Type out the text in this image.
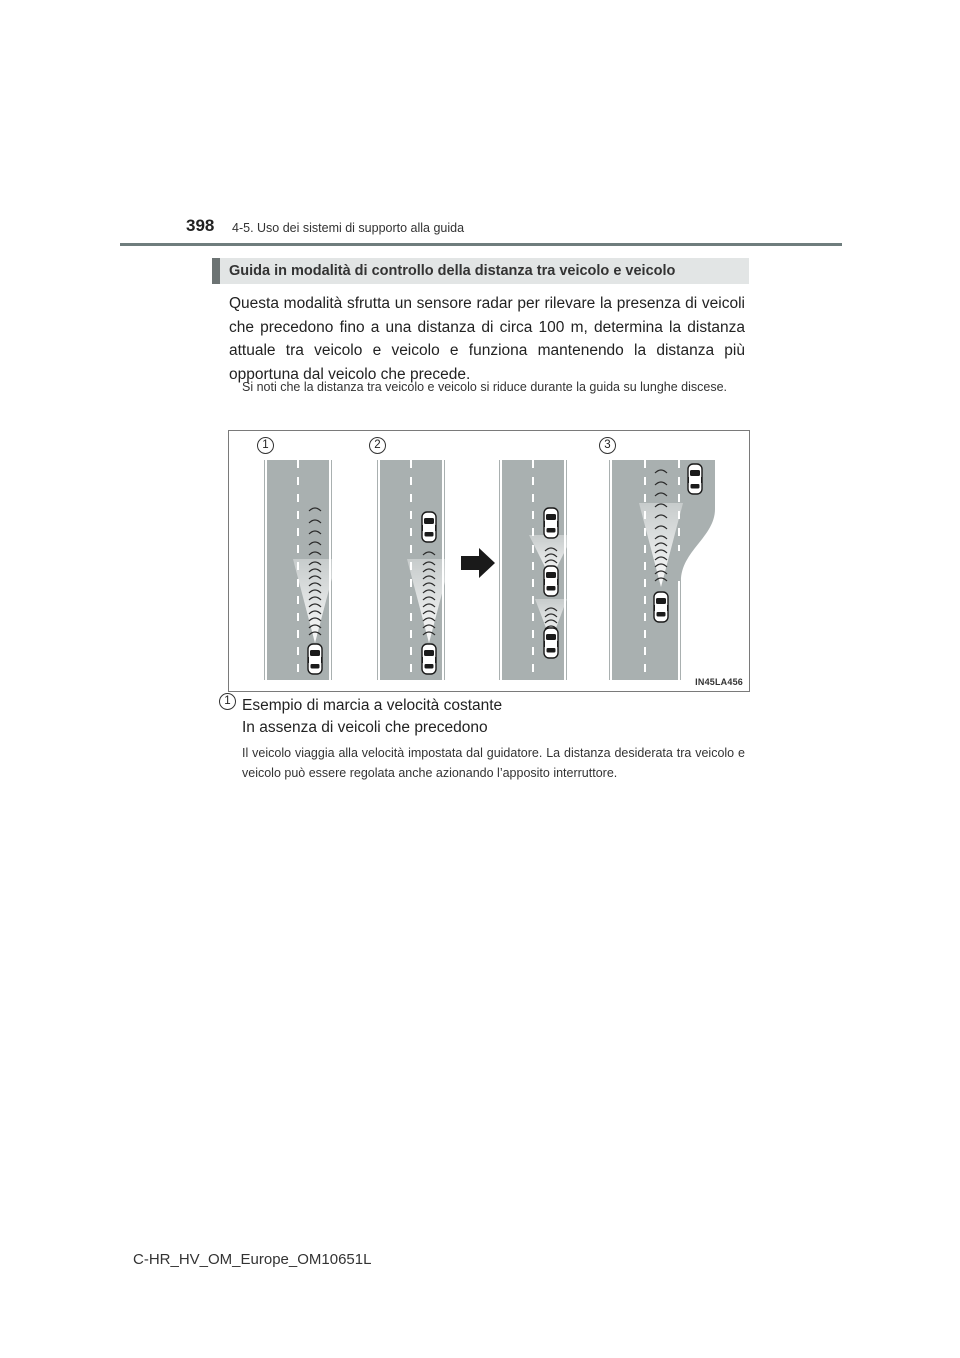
398 4-5. Uso dei sistemi di supporto alla guida
Guida in modalità di controllo della distanza tra veicolo e veicolo
Questa modalità sfrutta un sensore radar per rilevare la presenza di veicoli che precedono fino a una distanza di circa 100 m, determina la distanza attuale tra veicolo e veicolo e funziona mantenendo la distanza più opportuna dal veicolo che precede.
Si noti che la distanza tra veicolo e veicolo si riduce durante la guida su lunghe discese.
1	2	3
IN45LA456
1 Esempio di marcia a velocità costante
In assenza di veicoli che precedono
Il veicolo viaggia alla velocità impostata dal guidatore. La distanza desiderata tra veicolo e veicolo può essere regolata anche azionando l’apposito interruttore.
C-HR_HV_OM_Europe_OM10651L
